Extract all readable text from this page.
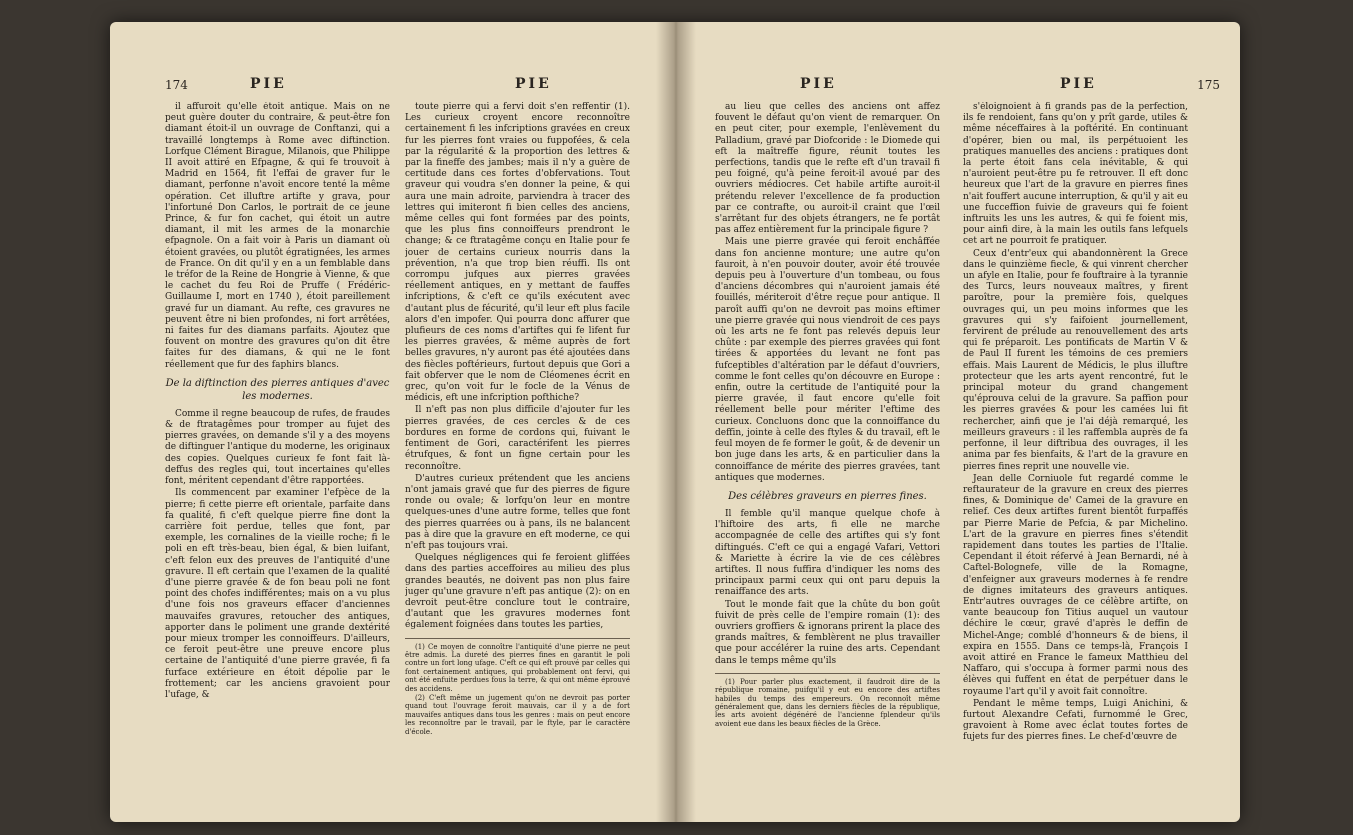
174	PIE	PIE

il affuroit qu'elle étoit antique. Mais on ne peut guère douter du contraire, & peut-être fon diamant étoit-il un ouvrage de Conftanzi, qui a travaillé longtemps à Rome avec diftinction. Lorfque Clément Birague, Milanois, que Philippe II avoit attiré en Efpagne, & qui fe trouvoit à Madrid en 1564, fit l'effai de graver fur le diamant, perfonne n'avoit encore tenté la même opération. Cet illuftre artifte y grava, pour l'infortuné Don Carlos, le portrait de ce jeune Prince, & fur fon cachet, qui étoit un autre diamant, il mit les armes de la monarchie efpagnole. On a fait voir à Paris un diamant où étoient gravées, ou plutôt égratignées, les armes de France. On dit qu'il y en a un femblable dans le tréfor de la Reine de Hongrie à Vienne, & que le cachet du feu Roi de Pruffe ( Frédéric-Guillaume I, mort en 1740 ), étoit pareillement gravé fur un diamant. Au refte, ces gravures ne peuvent être ni bien profondes, ni fort arrêtées, ni faites fur des diamans parfaits. Ajoutez que fouvent on montre des gravures qu'on dit être faites fur des diamans, & qui ne le font réellement que fur des faphirs blancs.

De la diftinction des pierres antiques d'avec les modernes.

Comme il regne beaucoup de rufes, de fraudes & de ftratagêmes pour tromper au fujet des pierres gravées, on demande s'il y a des moyens de diftinguer l'antique du moderne, les originaux des copies. Quelques curieux fe font fait là-deffus des regles qui, tout incertaines qu'elles font, méritent cependant d'être rapportées.

Ils commencent par examiner l'efpèce de la pierre; fi cette pierre eft orientale, parfaite dans fa qualité, fi c'eft quelque pierre fine dont la carrière foit perdue, telles que font, par exemple, les cornalines de la vieille roche; fi le poli en eft très-beau, bien égal, & bien luifant, c'eft felon eux des preuves de l'antiquité d'une gravure. Il eft certain que l'examen de la qualité d'une pierre gravée & de fon beau poli ne font point des chofes indifférentes; mais on a vu plus d'une fois nos graveurs effacer d'anciennes mauvaifes gravures, retoucher des antiques, apporter dans le poliment une grande dextérité pour mieux tromper les connoiffeurs. D'ailleurs, ce feroit peut-être une preuve encore plus certaine de l'antiquité d'une pierre gravée, fi fa furface extérieure en étoit dépolie par le frottement; car les anciens gravoient pour l'ufage, &

toute pierre qui a fervi doit s'en reffentir (1). Les curieux croyent encore reconnoître certainement fi les infcriptions gravées en creux fur les pierres font vraies ou fuppofées, & cela par la régularité & la proportion des lettres & par la fineffe des jambes; mais il n'y a guère de certitude dans ces fortes d'obfervations. Tout graveur qui voudra s'en donner la peine, & qui aura une main adroite, parviendra à tracer des lettres qui imiteront fi bien celles des anciens, même celles qui font formées par des points, que les plus fins connoiffeurs prendront le change; & ce ftratagême conçu en Italie pour fe jouer de certains curieux nourris dans la prévention, n'a que trop bien réuffi. Ils ont corrompu jufques aux pierres gravées réellement antiques, en y mettant de fauffes infcriptions, & c'eft ce qu'ils exécutent avec d'autant plus de fécurité, qu'il leur eft plus facile alors d'en impofer. Qui pourra donc affurer que plufieurs de ces noms d'artiftes qui fe lifent fur les pierres gravées, & même auprès de fort belles gravures, n'y auront pas été ajoutées dans des fiècles poftérieurs, furtout depuis que Gori a fait obferver que le nom de Cléomenes écrit en grec, qu'on voit fur le focle de la Vénus de médicis, eft une infcription pofthiche?

Il n'eft pas non plus difficile d'ajouter fur les pierres gravées, de ces cercles & de ces bordures en forme de cordons qui, fuivant le fentiment de Gori, caractérifent les pierres étrufques, & font un figne certain pour les reconnoître.

D'autres curieux prétendent que les anciens n'ont jamais gravé que fur des pierres de figure ronde ou ovale; & lorfqu'on leur en montre quelques-unes d'une autre forme, telles que font des pierres quarrées ou à pans, ils ne balancent pas à dire que la gravure en eft moderne, ce qui n'eft pas toujours vrai.

Quelques négligences qui fe feroient gliffées dans des parties acceffoires au milieu des plus grandes beautés, ne doivent pas non plus faire juger qu'une gravure n'eft pas antique (2): on en devroit peut-être conclure tout le contraire, d'autant que les gravures modernes font également foignées dans toutes les parties,

(1) Ce moyen de connoître l'antiquité d'une pierre ne peut être admis. La dureté des pierres fines en garantit le poli contre un fort long ufage. C'eft ce qui eft prouvé par celles qui font certainement antiques, qui probablement ont fervi, qui ont été enfuite perdues fous la terre, & qui ont même éprouvé des accidens.

(2) C'eft même un jugement qu'on ne devroit pas porter quand tout l'ouvrage feroit mauvais, car il y a de fort mauvaifes antiques dans tous les genres : mais on peut encore les reconnoître par le travail, par le ftyle, par le caractère d'école.

PIE	PIE	175

au lieu que celles des anciens ont affez fouvent le défaut qu'on vient de remarquer. On en peut citer, pour exemple, l'enlèvement du Palladium, gravé par Diofcoride : le Diomede qui eft la maîtreffe figure, réunit toutes les perfections, tandis que le refte eft d'un travail fi peu foigné, qu'à peine feroit-il avoué par des ouvriers médiocres. Cet habile artifte auroit-il prétendu relever l'excellence de fa production par ce contrafte, ou auroit-il craint que l'œil s'arrêtant fur des objets étrangers, ne fe portât pas affez entièrement fur la principale figure ?

Mais une pierre gravée qui feroit enchâffée dans fon ancienne monture; une autre qu'on fauroit, à n'en pouvoir douter, avoir été trouvée depuis peu à l'ouverture d'un tombeau, ou fous d'anciens décombres qui n'auroient jamais été fouillés, mériteroit d'être reçue pour antique. Il paroît auffi qu'on ne devroit pas moins eftimer une pierre gravée qui nous viendroit de ces pays où les arts ne fe font pas relevés depuis leur chûte : par exemple des pierres gravées qui font tirées & apportées du levant ne font pas fufceptibles d'altération par le défaut d'ouvriers, comme le font celles qu'on découvre en Europe : enfin, outre la certitude de l'antiquité pour la pierre gravée, il faut encore qu'elle foit réellement belle pour mériter l'eftime des curieux. Concluons donc que la connoiffance du deffin, jointe à celle des ftyles & du travail, eft le feul moyen de fe former le goût, & de devenir un bon juge dans les arts, & en particulier dans la connoiffance de mérite des pierres gravées, tant antiques que modernes.

Des célèbres graveurs en pierres fines.

Il femble qu'il manque quelque chofe à l'hiftoire des arts, fi elle ne marche accompagnée de celle des artiftes qui s'y font diftingués. C'eft ce qui a engagé Vafari, Vettori & Mariette à écrire la vie de ces célèbres artiftes. Il nous fuffira d'indiquer les noms des principaux parmi ceux qui ont paru depuis la renaiffance des arts.

Tout le monde fait que la chûte du bon goût fuivit de près celle de l'empire romain (1): des ouvriers groffiers & ignorans prirent la place des grands maîtres, & femblèrent ne plus travailler que pour accélérer la ruine des arts. Cependant dans le temps même qu'ils

(1) Pour parler plus exactement, il faudroit dire de la république romaine, puifqu'il y eut eu encore des artiftes habiles du temps des empereurs. On reconnoît même généralement que, dans les derniers fiècles de la république, les arts avoient dégénéré de l'ancienne fplendeur qu'ils avoient eue dans les beaux fiècles de la Grèce.

s'éloignoient à fi grands pas de la perfection, ils fe rendoient, fans qu'on y prît garde, utiles & même néceffaires à la poftérité. En continuant d'opérer, bien ou mal, ils perpétuoient les pratiques manuelles des anciens : pratiques dont la perte étoit fans cela inévitable, & qui n'auroient peut-être pu fe retrouver. Il eft donc heureux que l'art de la gravure en pierres fines n'ait fouffert aucune interruption, & qu'il y ait eu une fucceffion fuivie de graveurs qui fe foient inftruits les uns les autres, & qui fe foient mis, pour ainfi dire, à la main les outils fans lefquels cet art ne pourroit fe pratiquer.

Ceux d'entr'eux qui abandonnèrent la Grece dans le quinzième fiecle, & qui vinrent chercher un afyle en Italie, pour fe fouftraire à la tyrannie des Turcs, leurs nouveaux maîtres, y firent paroître, pour la première fois, quelques ouvrages qui, un peu moins informes que les gravures qui s'y faifoient journellement, fervirent de prélude au renouvellement des arts qui fe préparoit. Les pontificats de Martin V & de Paul II furent les témoins de ces premiers effais. Mais Laurent de Médicis, le plus illuftre protecteur que les arts ayent rencontré, fut le principal moteur du grand changement qu'éprouva celui de la gravure. Sa paffion pour les pierres gravées & pour les camées lui fit rechercher, ainfi que je l'ai déjà remarqué, les meilleurs graveurs : il les raffembla auprès de fa perfonne, il leur diftribua des ouvrages, il les anima par fes bienfaits, & l'art de la gravure en pierres fines reprit une nouvelle vie.

Jean delle Corniuole fut regardé comme le reftaurateur de la gravure en creux des pierres fines, & Dominique de' Camei de la gravure en relief. Ces deux artiftes furent bientôt furpaffés par Pierre Marie de Pefcia, & par Michelino. L'art de la gravure en pierres fines s'étendit rapidement dans toutes les parties de l'Italie. Cependant il étoit réfervé à Jean Bernardi, né à Caftel-Bolognefe, ville de la Romagne, d'enfeigner aux graveurs modernes à fe rendre de dignes imitateurs des graveurs antiques. Entr'autres ouvrages de ce célèbre artifte, on vante beaucoup fon Titius auquel un vautour déchire le cœur, gravé d'après le deffin de Michel-Ange; comblé d'honneurs & de biens, il expira en 1555. Dans ce temps-là, François I avoit attiré en France le fameux Matthieu del Naffaro, qui s'occupa à former parmi nous des élèves qui fuffent en état de perpétuer dans le royaume l'art qu'il y avoit fait connoître.

Pendant le même temps, Luigi Anichini, & furtout Alexandre Cefati, furnommé le Grec, gravoient à Rome avec éclat toutes fortes de fujets fur des pierres fines. Le chef-d'œuvre de
